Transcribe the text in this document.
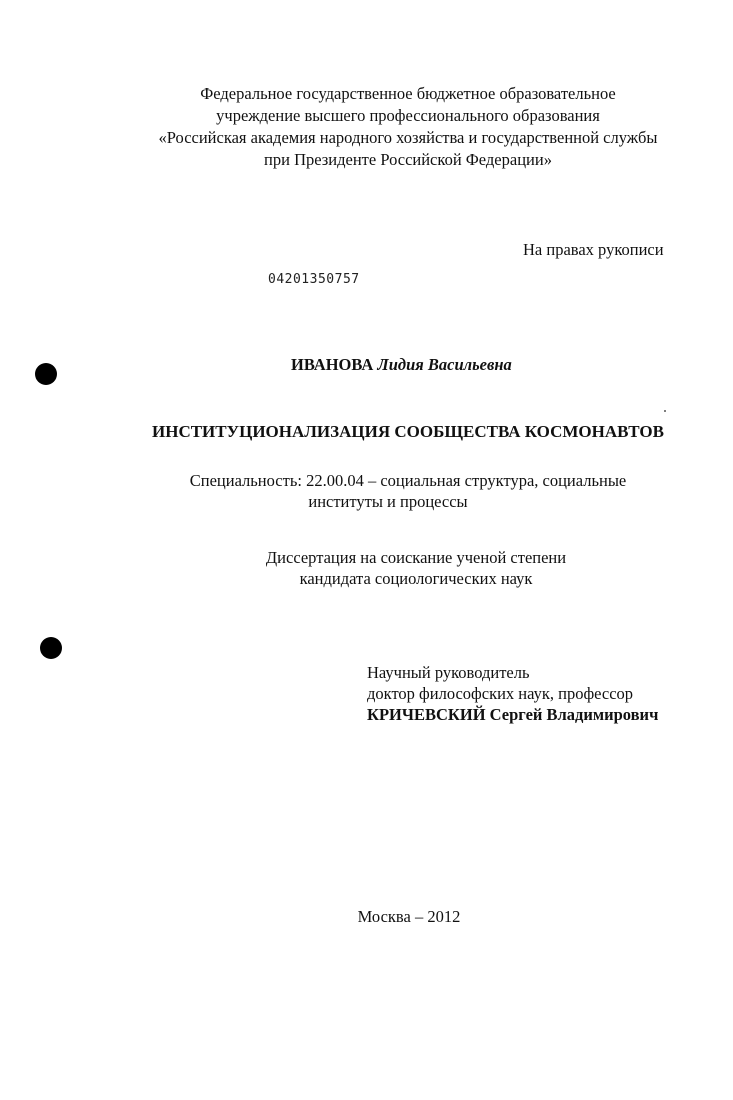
Федеральное государственное бюджетное образовательное
учреждение высшего профессионального образования
«Российская академия народного хозяйства и государственной службы
при Президенте Российской Федерации»
На правах рукописи
04201350757
ИВАНОВА Лидия Васильевна
ИНСТИТУЦИОНАЛИЗАЦИЯ СООБЩЕСТВА КОСМОНАВТОВ
Специальность: 22.00.04 – социальная структура, социальные
институты и процессы
Диссертация на соискание ученой степени
кандидата социологических наук
Научный руководитель
доктор философских наук, профессор
КРИЧЕВСКИЙ Сергей Владимирович
Москва – 2012
